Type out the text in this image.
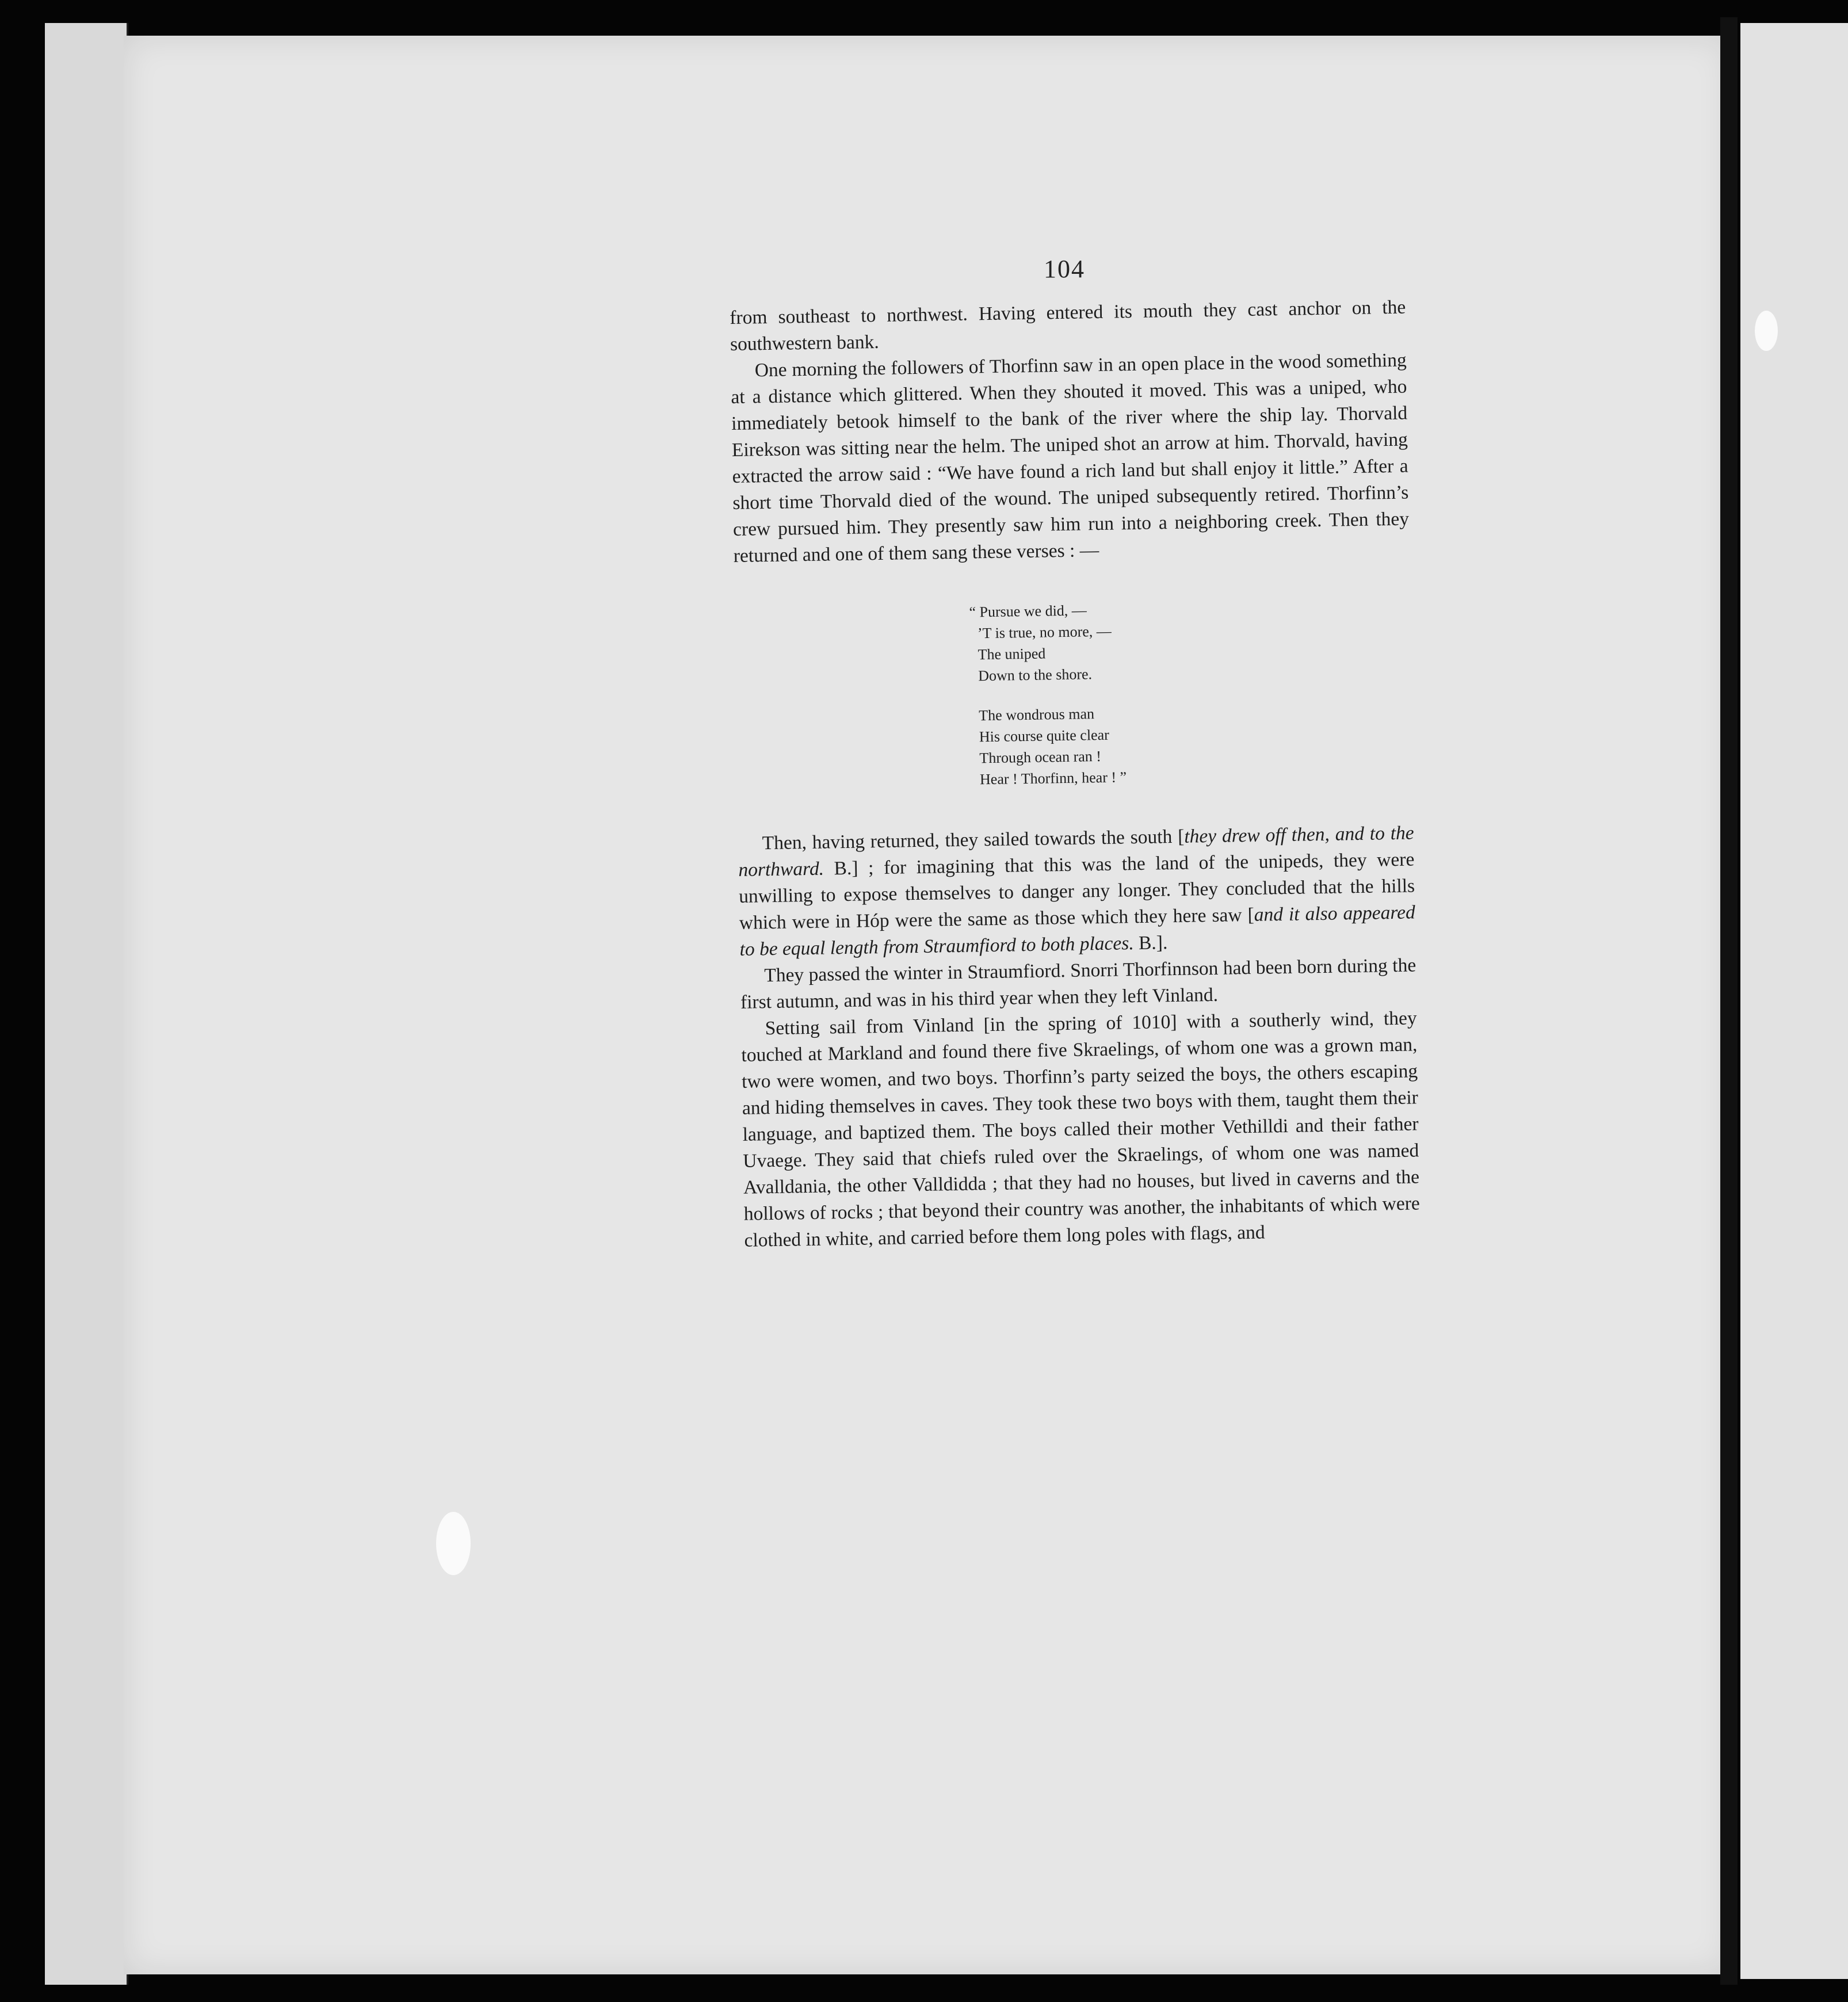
104

from southeast to northwest. Having entered its mouth they cast anchor on the southwestern bank.

One morning the followers of Thorfinn saw in an open place in the wood something at a distance which glittered. When they shouted it moved. This was a uniped, who immediately betook himself to the bank of the river where the ship lay. Thorvald Eirekson was sitting near the helm. The uniped shot an arrow at him. Thorvald, having extracted the arrow said : “We have found a rich land but shall enjoy it little.” After a short time Thorvald died of the wound. The uniped subsequently retired. Thorfinn’s crew pursued him. They presently saw him run into a neighboring creek. Then they returned and one of them sang these verses : —

“ Pursue we did, —
’T is true, no more, —
The uniped
Down to the shore.
The wondrous man
His course quite clear
Through ocean ran !
Hear ! Thorfinn, hear ! ”

Then, having returned, they sailed towards the south [they drew off then, and to the northward. B.] ; for imagining that this was the land of the unipeds, they were unwilling to expose themselves to danger any longer. They concluded that the hills which were in Hóp were the same as those which they here saw [and it also appeared to be equal length from Straumfiord to both places. B.].

They passed the winter in Straumfiord. Snorri Thorfinnson had been born during the first autumn, and was in his third year when they left Vinland.

Setting sail from Vinland [in the spring of 1010] with a southerly wind, they touched at Markland and found there five Skraelings, of whom one was a grown man, two were women, and two boys. Thorfinn’s party seized the boys, the others escaping and hiding themselves in caves. They took these two boys with them, taught them their language, and baptized them. The boys called their mother Vethilldi and their father Uvaege. They said that chiefs ruled over the Skraelings, of whom one was named Avalldania, the other Valldidda ; that they had no houses, but lived in caverns and the hollows of rocks ; that beyond their country was another, the inhabitants of which were clothed in white, and carried before them long poles with flags, and
